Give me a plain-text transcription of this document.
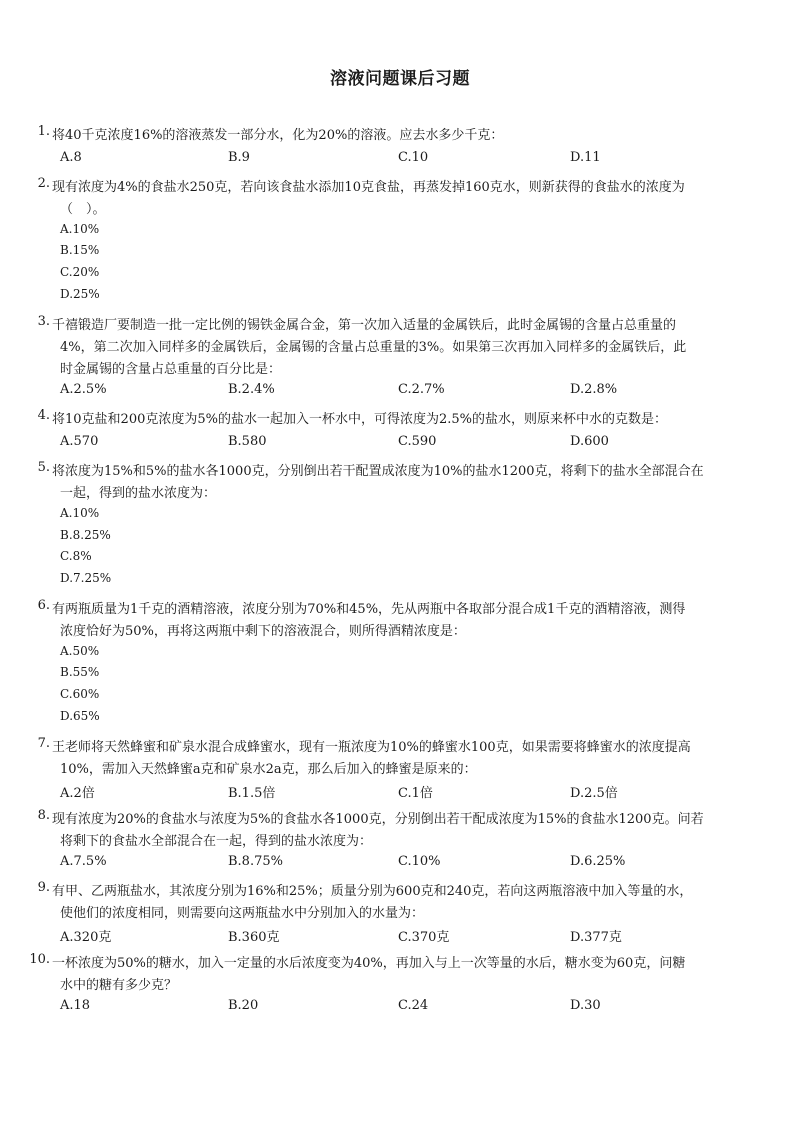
溶液问题课后习题
1. 将40千克浓度16%的溶液蒸发一部分水，化为20%的溶液。应去水多少千克：
A.8	B.9	C.10	D.11
2. 现有浓度为4%的食盐水250克，若向该食盐水添加10克食盐，再蒸发掉160克水，则新获得的食盐水的浓度为
（　）。
A.10%
B.15%
C.20%
D.25%
3. 千禧锻造厂要制造一批一定比例的锡铁金属合金，第一次加入适量的金属铁后，此时金属锡的含量占总重量的
4%，第二次加入同样多的金属铁后，金属锡的含量占总重量的3%。如果第三次再加入同样多的金属铁后，此
时金属锡的含量占总重量的百分比是：
A.2.5%	B.2.4%	C.2.7%	D.2.8%
4. 将10克盐和200克浓度为5%的盐水一起加入一杯水中，可得浓度为2.5%的盐水，则原来杯中水的克数是：
A.570	B.580	C.590	D.600
5. 将浓度为15%和5%的盐水各1000克，分别倒出若干配置成浓度为10%的盐水1200克，将剩下的盐水全部混合在
一起，得到的盐水浓度为：
A.10%
B.8.25%
C.8%
D.7.25%
6. 有两瓶质量为1千克的酒精溶液，浓度分别为70%和45%，先从两瓶中各取部分混合成1千克的酒精溶液，测得
浓度恰好为50%，再将这两瓶中剩下的溶液混合，则所得酒精浓度是：
A.50%
B.55%
C.60%
D.65%
7. 王老师将天然蜂蜜和矿泉水混合成蜂蜜水，现有一瓶浓度为10%的蜂蜜水100克，如果需要将蜂蜜水的浓度提高
10%，需加入天然蜂蜜a克和矿泉水2a克，那么后加入的蜂蜜是原来的：
A.2倍	B.1.5倍	C.1倍	D.2.5倍
8. 现有浓度为20%的食盐水与浓度为5%的食盐水各1000克，分别倒出若干配成浓度为15%的食盐水1200克。问若
将剩下的食盐水全部混合在一起，得到的盐水浓度为：
A.7.5%	B.8.75%	C.10%	D.6.25%
9. 有甲、乙两瓶盐水，其浓度分别为16%和25%；质量分别为600克和240克，若向这两瓶溶液中加入等量的水，
使他们的浓度相同，则需要向这两瓶盐水中分别加入的水量为：
A.320克	B.360克	C.370克	D.377克
10. 一杯浓度为50%的糖水，加入一定量的水后浓度变为40%，再加入与上一次等量的水后，糖水变为60克，问糖
水中的糖有多少克？
A.18	B.20	C.24	D.30
